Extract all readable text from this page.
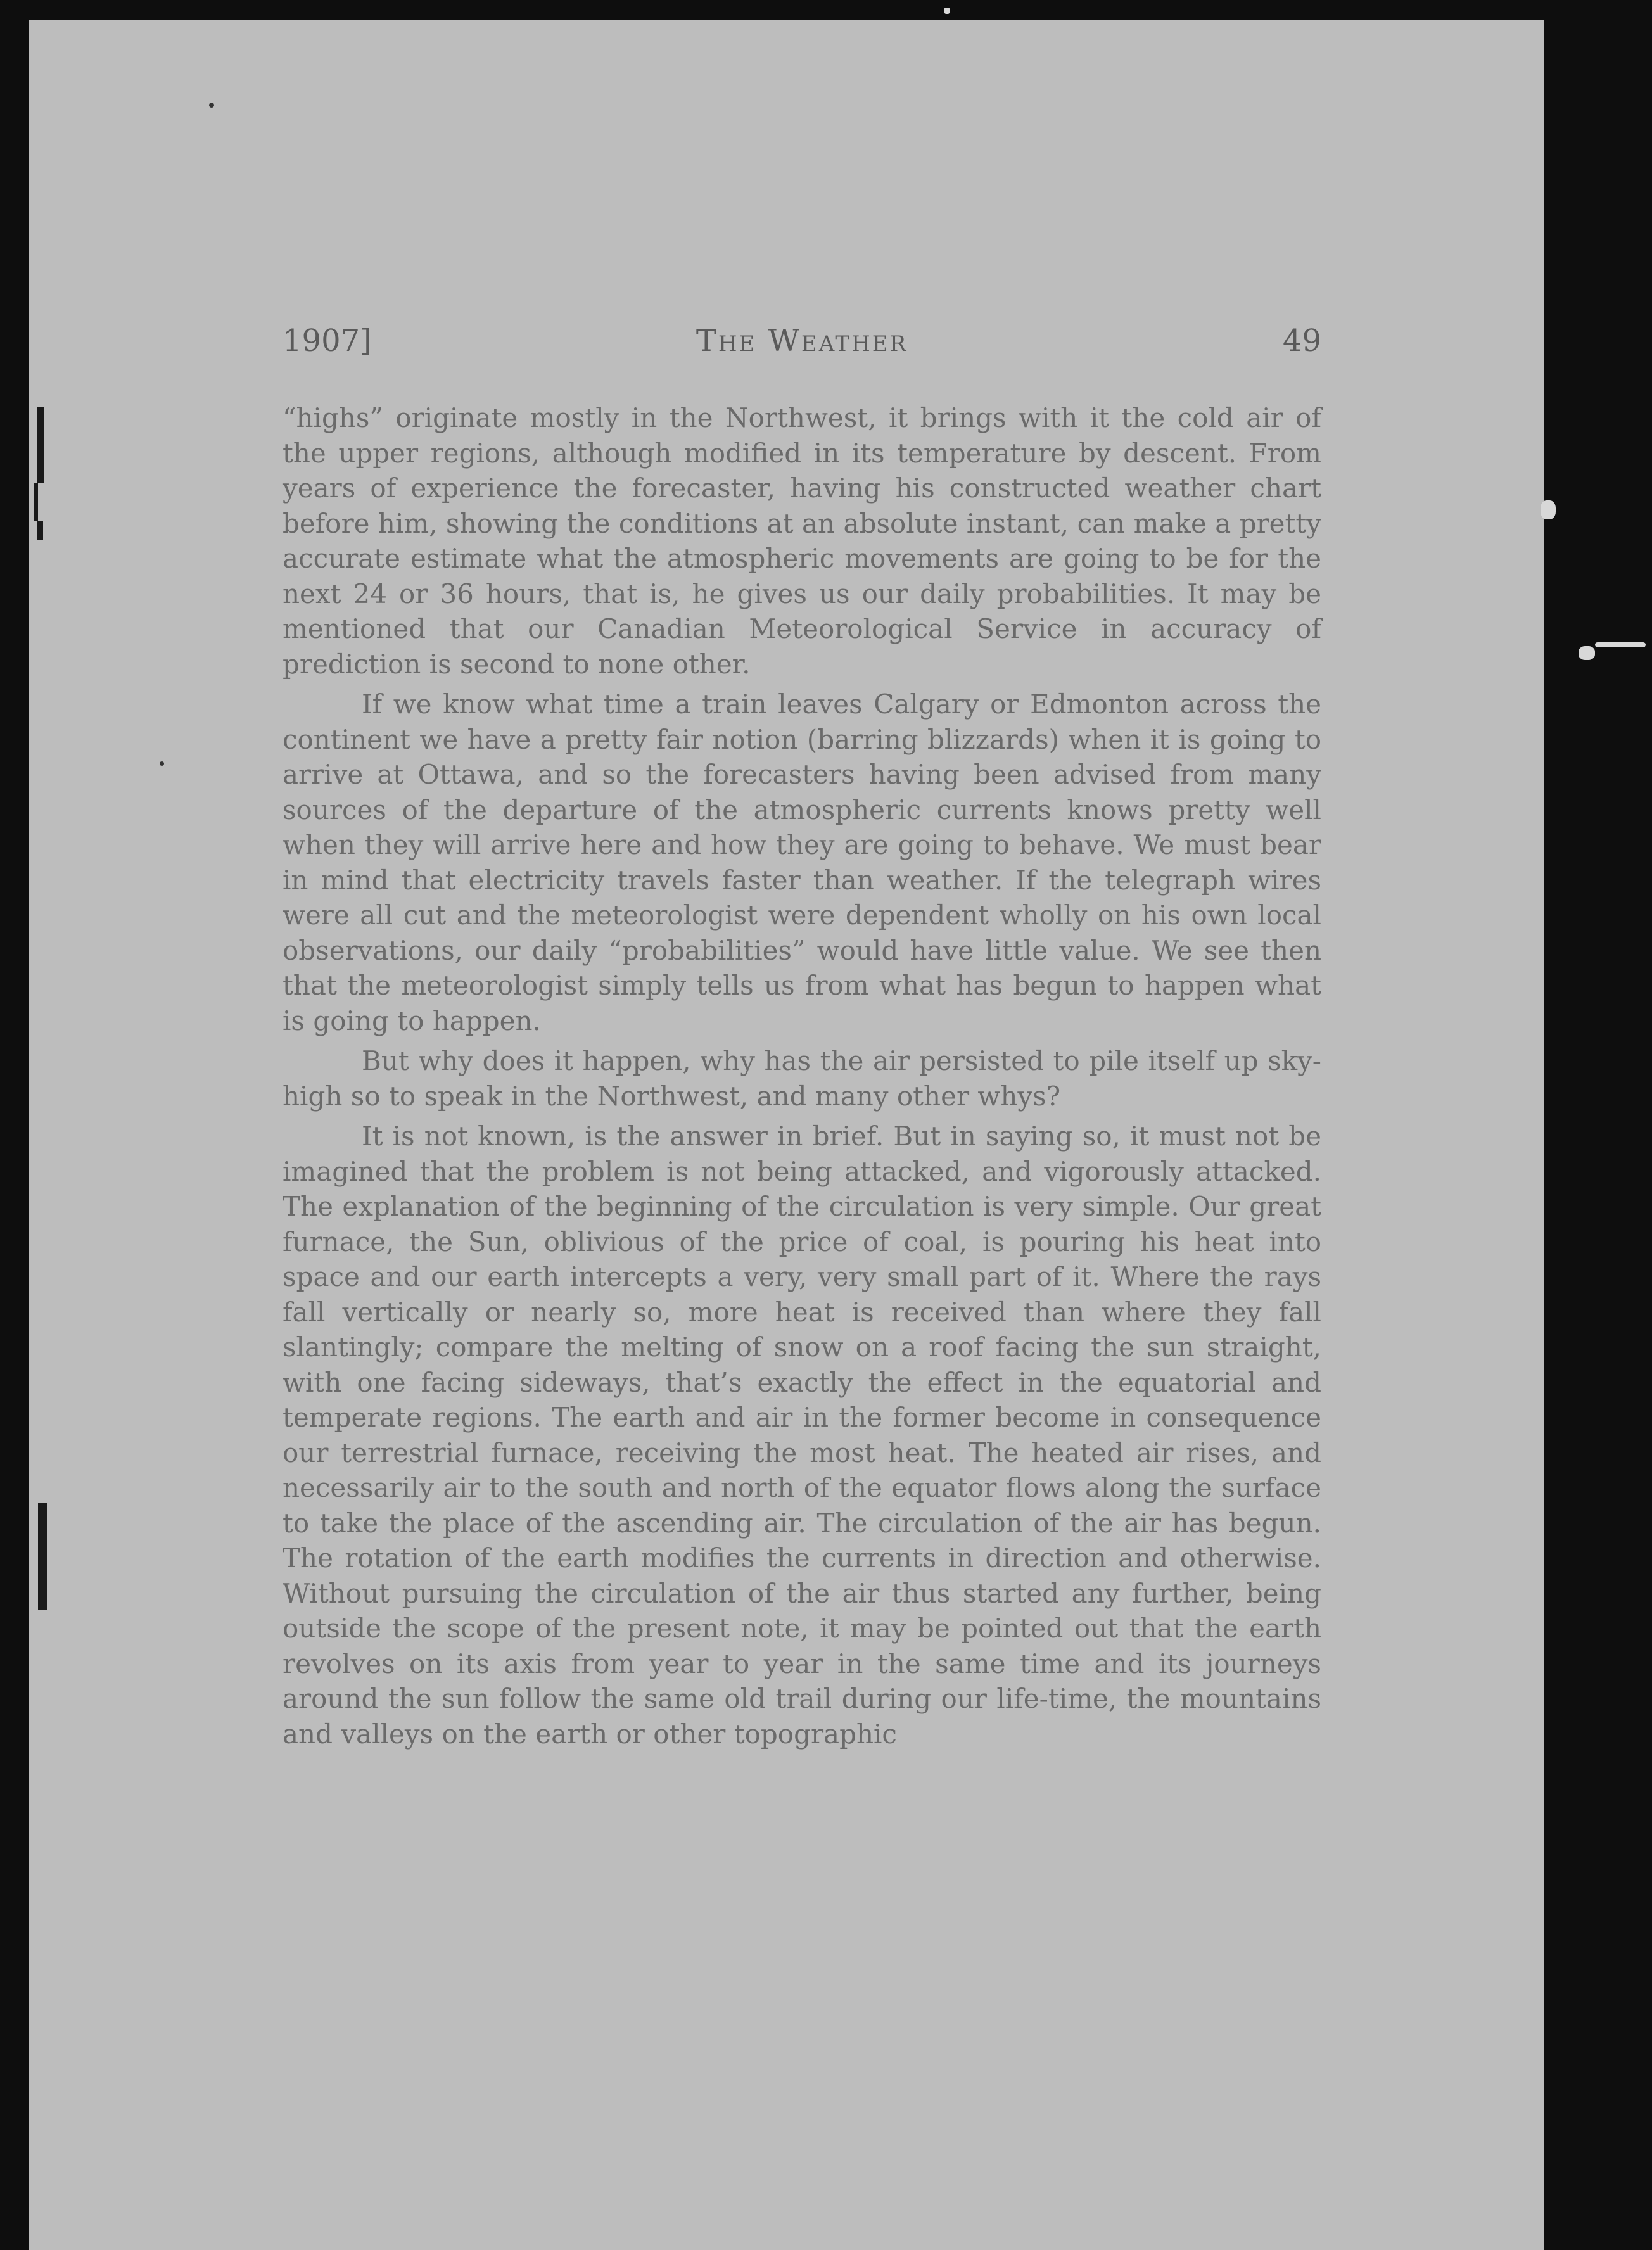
1907]	The Weather	49

“highs” originate mostly in the Northwest, it brings with it the cold air of the upper regions, although modified in its temperature by descent. From years of experience the forecaster, having his constructed weather chart before him, showing the conditions at an absolute instant, can make a pretty accurate estimate what the atmospheric movements are going to be for the next 24 or 36 hours, that is, he gives us our daily probabilities. It may be mentioned that our Canadian Meteorological Service in accuracy of prediction is second to none other.

If we know what time a train leaves Calgary or Edmonton across the continent we have a pretty fair notion (barring blizzards) when it is going to arrive at Ottawa, and so the forecasters having been advised from many sources of the departure of the atmospheric currents knows pretty well when they will arrive here and how they are going to behave. We must bear in mind that electricity travels faster than weather. If the telegraph wires were all cut and the meteorologist were dependent wholly on his own local observations, our daily “probabilities” would have little value. We see then that the meteorologist simply tells us from what has begun to happen what is going to happen.

But why does it happen, why has the air persisted to pile itself up sky-high so to speak in the Northwest, and many other whys?

It is not known, is the answer in brief. But in saying so, it must not be imagined that the problem is not being attacked, and vigorously attacked. The explanation of the beginning of the circulation is very simple. Our great furnace, the Sun, oblivious of the price of coal, is pouring his heat into space and our earth intercepts a very, very small part of it. Where the rays fall vertically or nearly so, more heat is received than where they fall slantingly; compare the melting of snow on a roof facing the sun straight, with one facing sideways, that’s exactly the effect in the equatorial and temperate regions. The earth and air in the former become in consequence our terrestrial furnace, receiving the most heat. The heated air rises, and necessarily air to the south and north of the equator flows along the surface to take the place of the ascending air. The circulation of the air has begun. The rotation of the earth modifies the currents in direction and otherwise. Without pursuing the circulation of the air thus started any further, being outside the scope of the present note, it may be pointed out that the earth revolves on its axis from year to year in the same time and its journeys around the sun follow the same old trail during our life-time, the mountains and valleys on the earth or other topographic
